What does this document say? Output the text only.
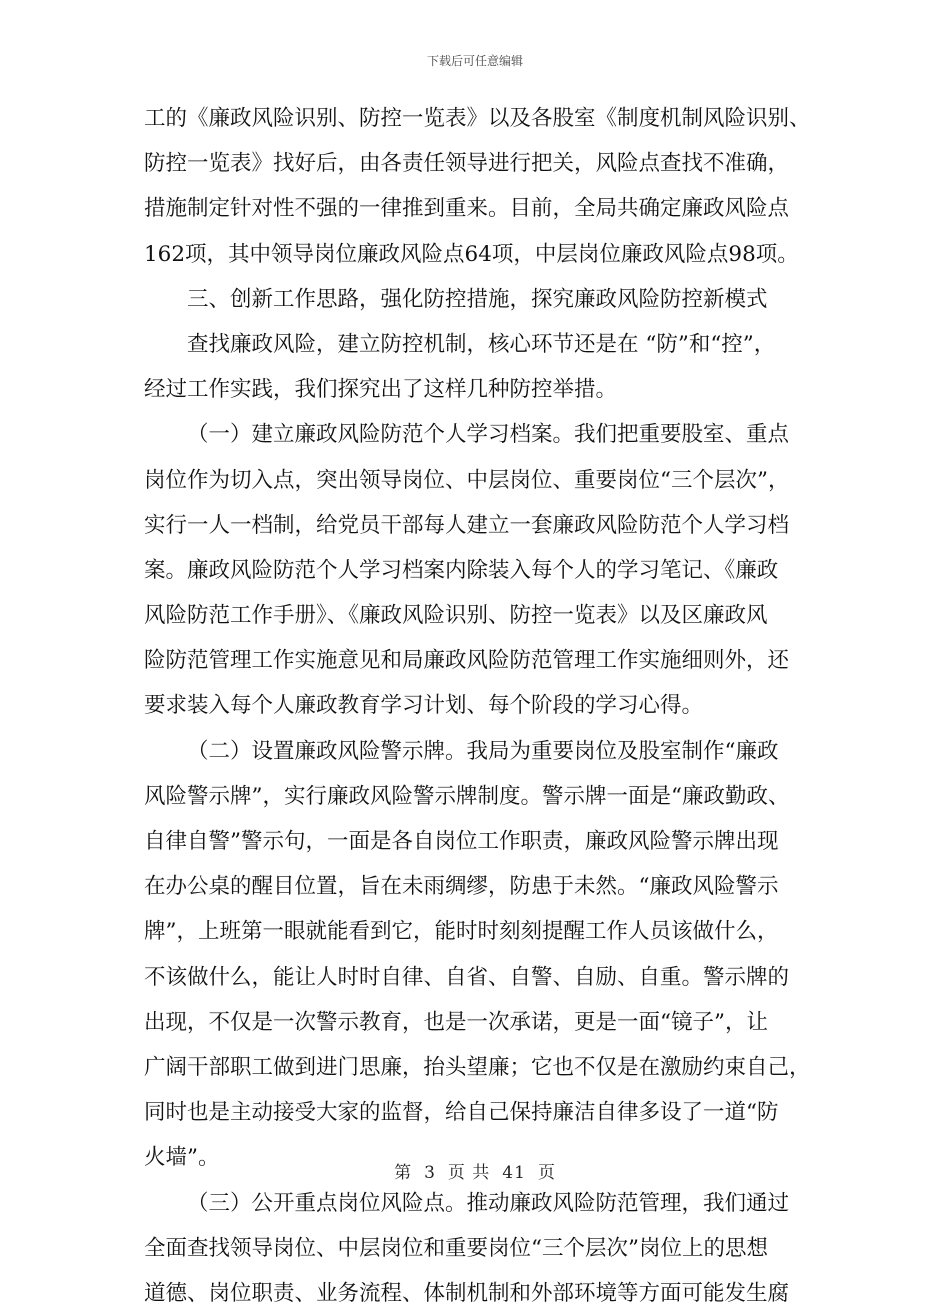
下载后可任意编辑
工的《廉政风险识别、防控一览表》以及各股室《制度机制风险识别、
防控一览表》找好后，由各责任领导进行把关，风险点查找不准确，
措施制定针对性不强的一律推到重来。目前，全局共确定廉政风险点
162项，其中领导岗位廉政风险点64项，中层岗位廉政风险点98项。
三、创新工作思路，强化防控措施，探究廉政风险防控新模式
查找廉政风险，建立防控机制，核心环节还是在 “防”和“控”，
经过工作实践，我们探究出了这样几种防控举措。
（一）建立廉政风险防范个人学习档案。我们把重要股室、重点
岗位作为切入点，突出领导岗位、中层岗位、重要岗位“三个层次”，
实行一人一档制，给党员干部每人建立一套廉政风险防范个人学习档
案。廉政风险防范个人学习档案内除装入每个人的学习笔记、《廉政
风险防范工作手册》、《廉政风险识别、防控一览表》以及区廉政风
险防范管理工作实施意见和局廉政风险防范管理工作实施细则外，还
要求装入每个人廉政教育学习计划、每个阶段的学习心得。
（二）设置廉政风险警示牌。我局为重要岗位及股室制作“廉政
风险警示牌”，实行廉政风险警示牌制度。警示牌一面是“廉政勤政、
自律自警”警示句，一面是各自岗位工作职责，廉政风险警示牌出现
在办公桌的醒目位置，旨在未雨绸缪，防患于未然。“廉政风险警示
牌”，上班第一眼就能看到它，能时时刻刻提醒工作人员该做什么，
不该做什么，能让人时时自律、自省、自警、自励、自重。警示牌的
出现，不仅是一次警示教育，也是一次承诺，更是一面“镜子”，让
广阔干部职工做到进门思廉，抬头望廉；它也不仅是在激励约束自己，
同时也是主动接受大家的监督，给自己保持廉洁自律多设了一道“防
火墙”。
（三）公开重点岗位风险点。推动廉政风险防范管理，我们通过
全面查找领导岗位、中层岗位和重要岗位“三个层次”岗位上的思想
道德、岗位职责、业务流程、体制机制和外部环境等方面可能发生腐
第 3 页 共 41 页
